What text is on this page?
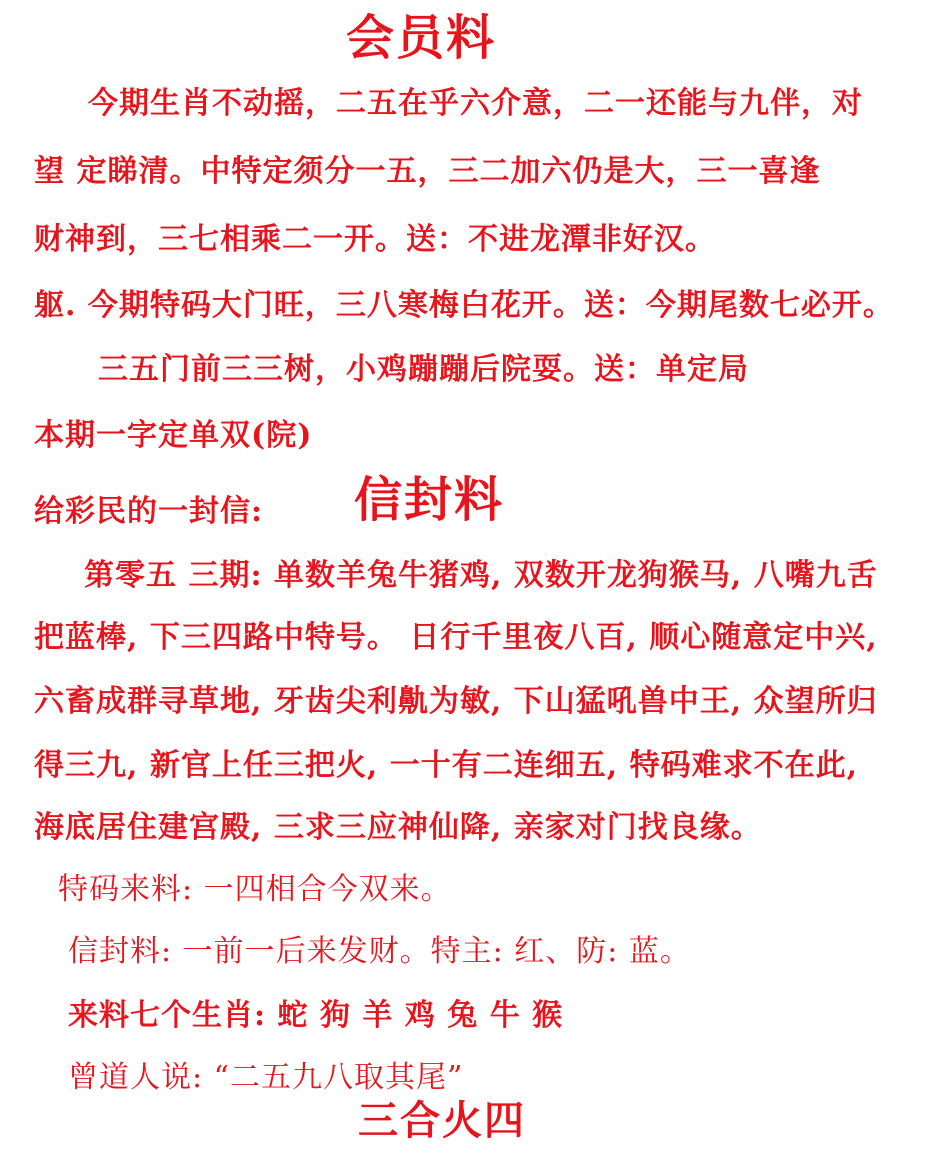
会员料
今期生肖不动摇，二五在乎六介意，二一还能与九伴，对
望 定睇清。中特定须分一五，三二加六仍是大，三一喜逢
财神到，三七相乘二一开。送：不进龙潭非好汉。
躯. 今期特码大门旺，三八寒梅白花开。送：今期尾数七必开。
三五门前三三树，小鸡蹦蹦后院耍。送：单定局
本期一字定单双(院)
给彩民的一封信: 信封料
第零五 三期: 单数羊兔牛猪鸡, 双数开龙狗猴马, 八嘴九舌
把蓝棒, 下三四路中特号。 日行千里夜八百, 顺心随意定中兴,
六畜成群寻草地, 牙齿尖利鼽为敏, 下山猛吼兽中王, 众望所归
得三九, 新官上任三把火, 一十有二连细五, 特码难求不在此,
海底居住建宫殿, 三求三应神仙降, 亲家对门找良缘。
特码来料: 一四相合今双来。
信封料: 一前一后来发财。特主: 红、防: 蓝。
来料七个生肖: 蛇 狗 羊 鸡 兔 牛 猴
曾道人说: “二五九八取其尾”
三合火四
